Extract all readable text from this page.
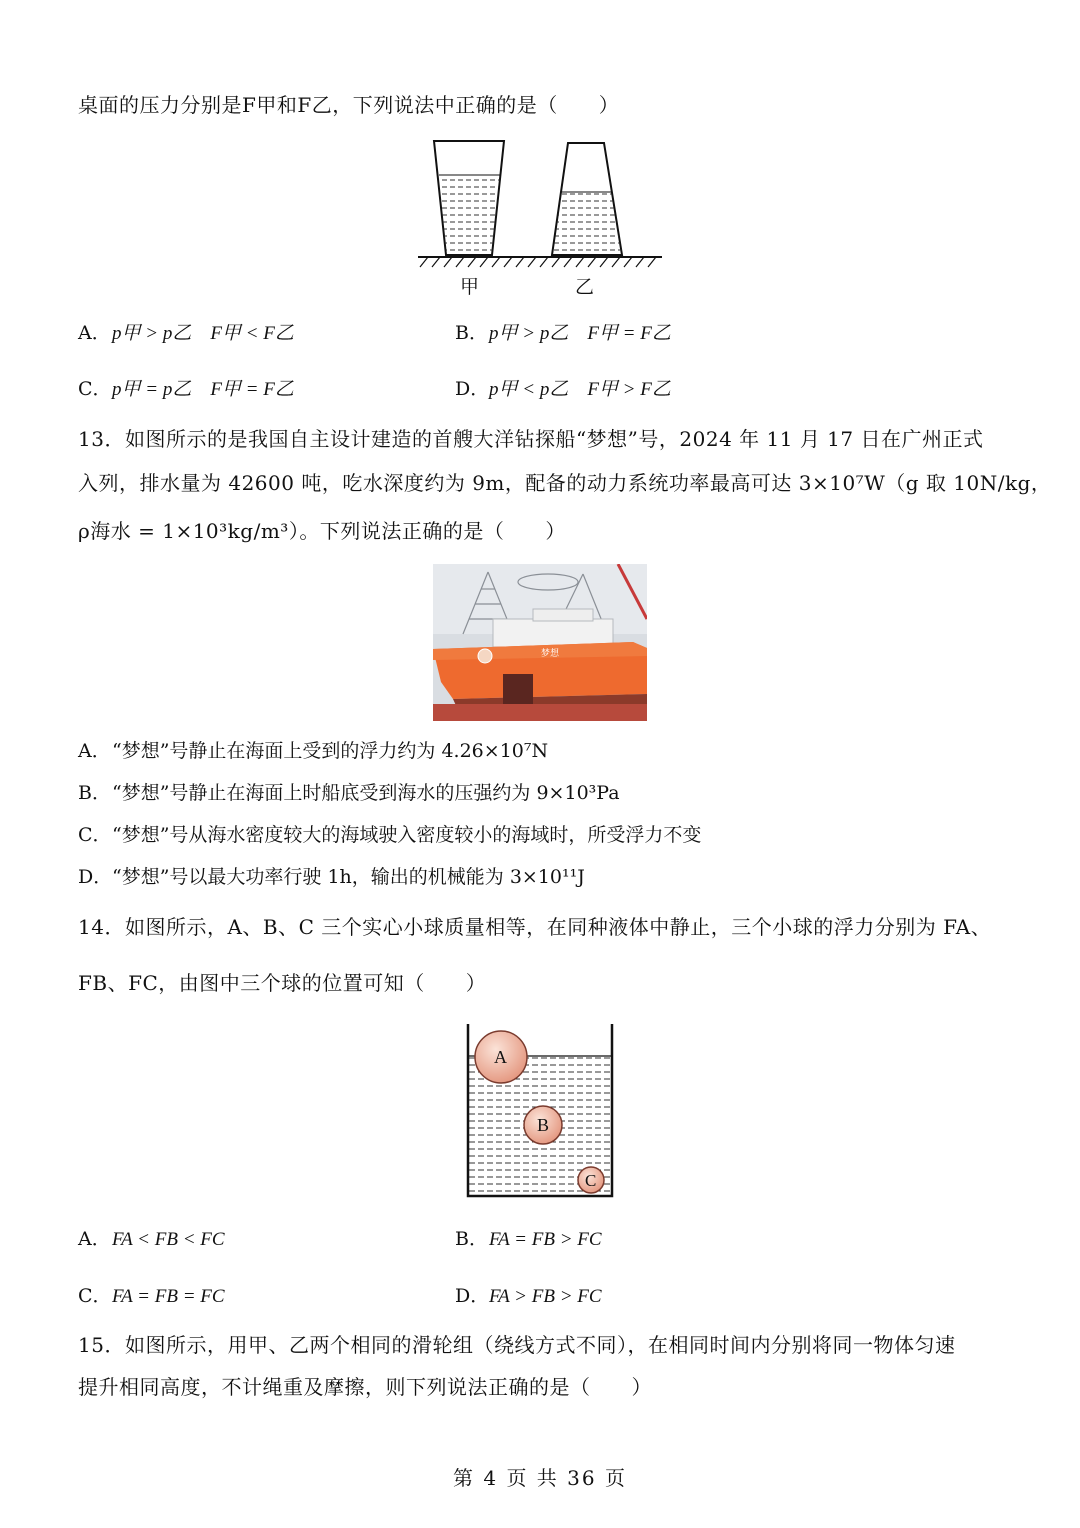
桌面的压力分别是F甲和F乙，下列说法中正确的是（　　）
甲	乙
A．p甲 > p乙　F甲 < F乙	B．p甲 > p乙　F甲 = F乙
C．p甲 = p乙　F甲 = F乙	D．p甲 < p乙　F甲 > F乙
13．如图所示的是我国自主设计建造的首艘大洋钻探船“梦想”号，2024 年 11 月 17 日在广州正式
入列，排水量为 42600 吨，吃水深度约为 9m，配备的动力系统功率最高可达 3×10⁷W（g 取 10N/kg，
ρ海水 = 1×10³kg/m³）。下列说法正确的是（　　）
梦想
A．“梦想”号静止在海面上受到的浮力约为 4.26×10⁷N
B．“梦想”号静止在海面上时船底受到海水的压强约为 9×10³Pa
C．“梦想”号从海水密度较大的海域驶入密度较小的海域时，所受浮力不变
D．“梦想”号以最大功率行驶 1h，输出的机械能为 3×10¹¹J
14．如图所示，A、B、C 三个实心小球质量相等，在同种液体中静止，三个小球的浮力分别为 FA、
FB、FC，由图中三个球的位置可知（　　）
A
B
C
A．FA < FB < FC	B．FA = FB > FC
C．FA = FB = FC	D．FA > FB > FC
15．如图所示，用甲、乙两个相同的滑轮组（绕线方式不同），在相同时间内分别将同一物体匀速
提升相同高度，不计绳重及摩擦，则下列说法正确的是（　　）
第 4 页 共 36 页
